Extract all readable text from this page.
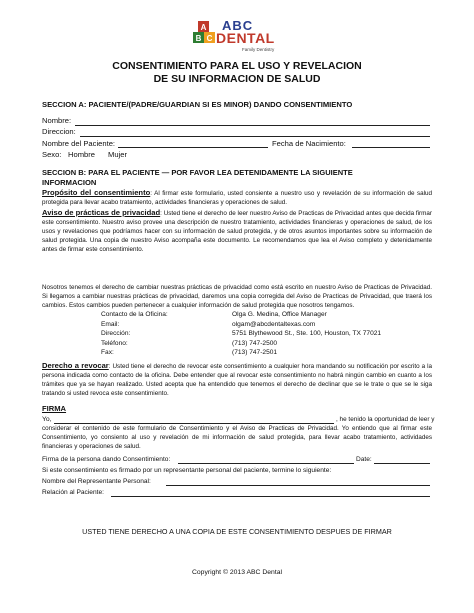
A
B C
ABC
DENTAL
Family Dentistry
CONSENTIMIENTO PARA EL USO Y REVELACION
DE SU INFORMACION DE SALUD
SECCION A: PACIENTE/(PADRE/GUARDIAN SI ES MINOR) DANDO CONSENTIMIENTO
Nombre:
Direccion:
Nombre del Paciente:	Fecha de Nacimiento:
Sexo: Hombre Mujer
SECCION B: PARA EL PACIENTE — POR FAVOR LEA DETENIDAMENTE LA SIGUIENTE
INFORMACION
Propósito del consentimiento: Al firmar este formulario, usted consiente a nuestro uso y revelación de su información de salud protegida para llevar acabo tratamiento, actividades financieras y operaciones de salud.
Aviso de prácticas de privacidad: Usted tiene el derecho de leer nuestro Aviso de Practicas de Privacidad antes que decida firmar este consentimiento. Nuestro aviso provee una descripción de nuestro tratamiento, actividades financieras y operaciones de salud, de los usos y revelaciones que podríamos hacer con su información de salud protegida, y de otros asuntos importantes sobre su información de salud protegida. Una copia de nuestro Aviso acompaña este documento. Le recomendamos que lea el Aviso completo y detenidamente antes de firmar este consentimiento.
Nosotros tenemos el derecho de cambiar nuestras prácticas de privacidad como está escrito en nuestro Aviso de Practicas de Privacidad. Si llegamos a cambiar nuestras prácticas de privacidad, daremos una copia corregida del Aviso de Practicas de Privacidad, que traerá los cambios. Estos cambios pueden pertenecer a cualquier información de salud protegida que nosotros tengamos.
Contacto de la Oficina:	Olga G. Medina, Office Manager
Email:	olgam@abcdentaltexas.com
Dirección:	5751 Blythewood St., Ste. 100, Houston, TX 77021
Teléfono:	(713) 747-2500
Fax:	(713) 747-2501
Derecho a revocar: Usted tiene el derecho de revocar este consentimiento a cualquier hora mandando su notificación por escrito a la persona indicada como contacto de la oficina. Debe entender que al revocar este consentimiento no habrá ningún cambio en cuanto a los trámites que ya se hayan realizado. Usted acepta que ha entendido que tenemos el derecho de declinar que se le trate o que se le siga tratando si usted revoca este consentimiento.
FIRMA
Yo,	, he tenido la oportunidad de leer y
considerar el contenido de este formulario de Consentimiento y el Aviso de Practicas de Privacidad. Yo entiendo que al firmar este Consentimiento, yo consiento al uso y revelación de mi información de salud protegida, para llevar acabo tratamiento, actividades financieras y operaciones de salud.
Firma de la persona dando Consentimiento:	Date:
Si este consentimiento es firmado por un representante personal del paciente, termine lo siguiente:
Nombre del Representante Personal:
Relación al Paciente:
USTED TIENE DERECHO A UNA COPIA DE ESTE CONSENTIMIENTO DESPUES DE FIRMAR
Copyright © 2013 ABC Dental
